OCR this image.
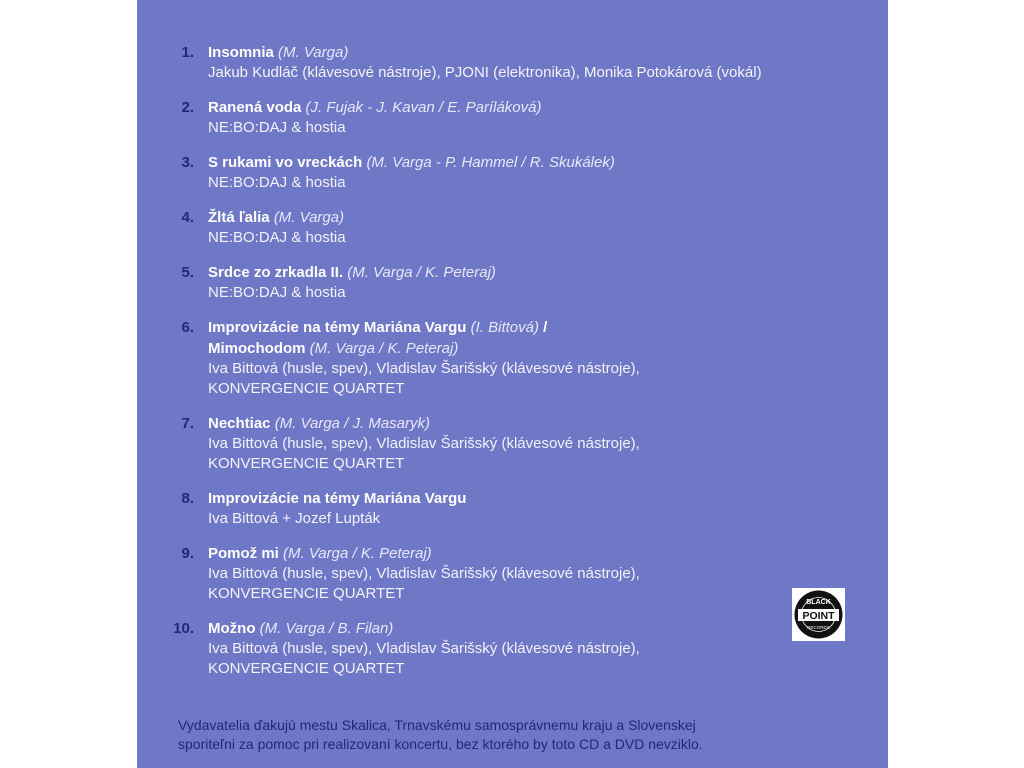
1. Insomnia (M. Varga)
Jakub Kudláč (klávesové nástroje), PJONI (elektronika), Monika Potokárová (vokál)
2. Ranená voda (J. Fujak - J. Kavan / E. Paríláková)
NE:BO:DAJ & hostia
3. S rukami vo vreckách (M. Varga - P. Hammel / R. Skukálek)
NE:BO:DAJ & hostia
4. Žltá ľalia (M. Varga)
NE:BO:DAJ & hostia
5. Srdce zo zrkadla II. (M. Varga / K. Peteraj)
NE:BO:DAJ & hostia
6. Improvizácie na témy Mariána Vargu (I. Bittová) /
Mimochodom (M. Varga / K. Peteraj)
Iva Bittová (husle, spev), Vladislav Šarišský (klávesové nástroje),
KONVERGENCIE QUARTET
7. Nechtiac (M. Varga / J. Masaryk)
Iva Bittová (husle, spev), Vladislav Šarišský (klávesové nástroje),
KONVERGENCIE QUARTET
8. Improvizácie na témy Mariána Vargu
Iva Bittová + Jozef Lupták
9. Pomož mi (M. Varga / K. Peteraj)
Iva Bittová (husle, spev), Vladislav Šarišský (klávesové nástroje),
KONVERGENCIE QUARTET
10. Možno (M. Varga / B. Filan)
Iva Bittová (husle, spev), Vladislav Šarišský (klávesové nástroje),
KONVERGENCIE QUARTET
BLACK
POINT
RECORDS

Vydavatelia ďakujú mestu Skalica, Trnavskému samosprávnemu kraju a Slovenskej
sporiteľni za pomoc pri realizovaní koncertu, bez ktorého by toto CD a DVD nevziklo.
